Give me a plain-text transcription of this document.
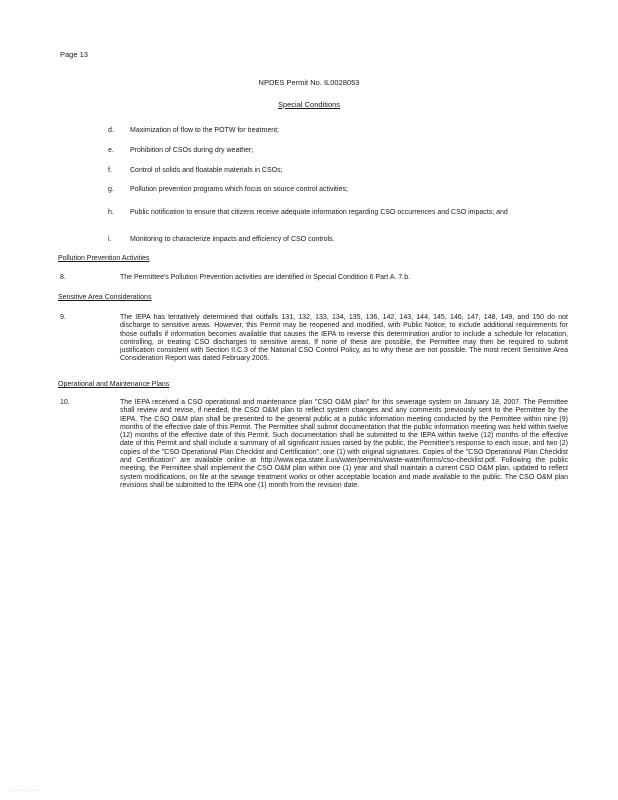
Page 13
NPDES Permit No. IL0028053
Special Conditions
d. Maximization of flow to the POTW for treatment;
e. Prohibition of CSOs during dry weather;
f.	Control of solids and floatable materials in CSOs;
g. Pollution prevention programs which focus on source control activities;
h. Public notification to ensure that citizens receive adequate information regarding CSO occurrences and CSO impacts; and
i.	Monitoring to characterize impacts and efficiency of CSO controls.
Pollution Prevention Activities
8.	The Permittee's Pollution Prevention activities are identified in Special Condition 6 Part A. 7.b.
Sensitive Area Considerations
9.	The IEPA has tentatively determined that outfalls 131, 132, 133, 134, 135, 136, 142, 143, 144, 145, 146, 147, 148, 149, and 150 do not discharge to sensitive areas. However, this Permit may be reopened and modified, with Public Notice, to include additional requirements for those outfalls if information becomes available that causes the IEPA to reverse this determination and/or to include a schedule for relocation, controlling, or treating CSO discharges to sensitive areas. If none of these are possible, the Permittee may then be required to submit justification consistent with Section II.C.3 of the National CSO Control Policy, as to why these are not possible. The most recent Sensitive Area Consideration Report was dated February 2005.
Operational and Maintenance Plans
10.	The IEPA received a CSO operational and maintenance plan "CSO O&M plan" for this sewerage system on January 18, 2007. The Permittee shall review and revise, if needed, the CSO O&M plan to reflect system changes and any comments previously sent to the Permittee by the IEPA. The CSO O&M plan shall be presented to the general public at a public information meeting conducted by the Permittee within nine (9) months of the effective date of this Permit. The Permittee shall submit documentation that the public information meeting was held within twelve (12) months of the effective date of this Permit. Such documentation shall be submitted to the IEPA within twelve (12) months of the effective date of this Permit and shall include a summary of all significant issues raised by the public, the Permittee's response to each issue, and two (2) copies of the "CSO Operational Plan Checklist and Certification", one (1) with original signatures. Copies of the "CSO Operational Plan Checklist and Certification" are available online at http://www.epa.state.il.us/water/permits/waste-water/forms/cso-checklist.pdf. Following the public meeting, the Permittee shall implement the CSO O&M plan within one (1) year and shall maintain a current CSO O&M plan, updated to reflect system modifications, on file at the sewage treatment works or other acceptable location and made available to the public. The CSO O&M plan revisions shall be submitted to the IEPA one (1) month from the revision date.
· · · · · · · · · · · ·
